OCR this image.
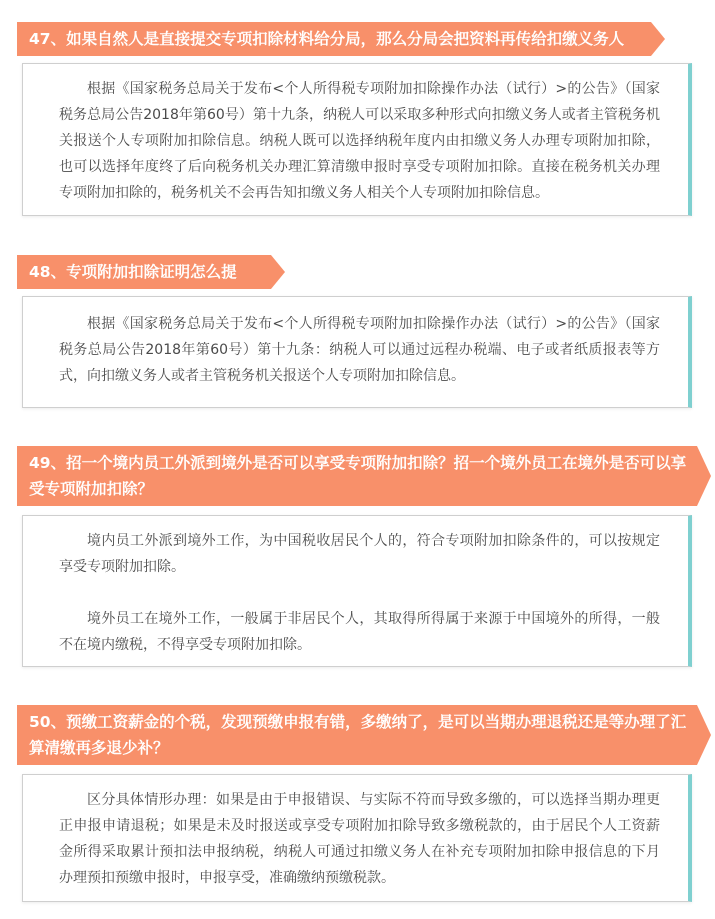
47、如果自然人是直接提交专项扣除材料给分局，那么分局会把资料再传给扣缴义务人

根据《国家税务总局关于发布<个人所得税专项附加扣除操作办法（试行）>的公告》（国家税务总局公告2018年第60号）第十九条，纳税人可以采取多种形式向扣缴义务人或者主管税务机关报送个人专项附加扣除信息。纳税人既可以选择纳税年度内由扣缴义务人办理专项附加扣除，也可以选择年度终了后向税务机关办理汇算清缴申报时享受专项附加扣除。直接在税务机关办理专项附加扣除的，税务机关不会再告知扣缴义务人相关个人专项附加扣除信息。

48、专项附加扣除证明怎么提

根据《国家税务总局关于发布<个人所得税专项附加扣除操作办法（试行）>的公告》（国家税务总局公告2018年第60号）第十九条：纳税人可以通过远程办税端、电子或者纸质报表等方式，向扣缴义务人或者主管税务机关报送个人专项附加扣除信息。

49、招一个境内员工外派到境外是否可以享受专项附加扣除？招一个境外员工在境外是否可以享受专项附加扣除？

境内员工外派到境外工作，为中国税收居民个人的，符合专项附加扣除条件的，可以按规定享受专项附加扣除。

境外员工在境外工作，一般属于非居民个人，其取得所得属于来源于中国境外的所得，一般不在境内缴税，不得享受专项附加扣除。

50、预缴工资薪金的个税，发现预缴申报有错，多缴纳了，是可以当期办理退税还是等办理了汇算清缴再多退少补？

区分具体情形办理：如果是由于申报错误、与实际不符而导致多缴的，可以选择当期办理更正申报申请退税；如果是未及时报送或享受专项附加扣除导致多缴税款的，由于居民个人工资薪金所得采取累计预扣法申报纳税，纳税人可通过扣缴义务人在补充专项附加扣除申报信息的下月办理预扣预缴申报时，申报享受，准确缴纳预缴税款。
